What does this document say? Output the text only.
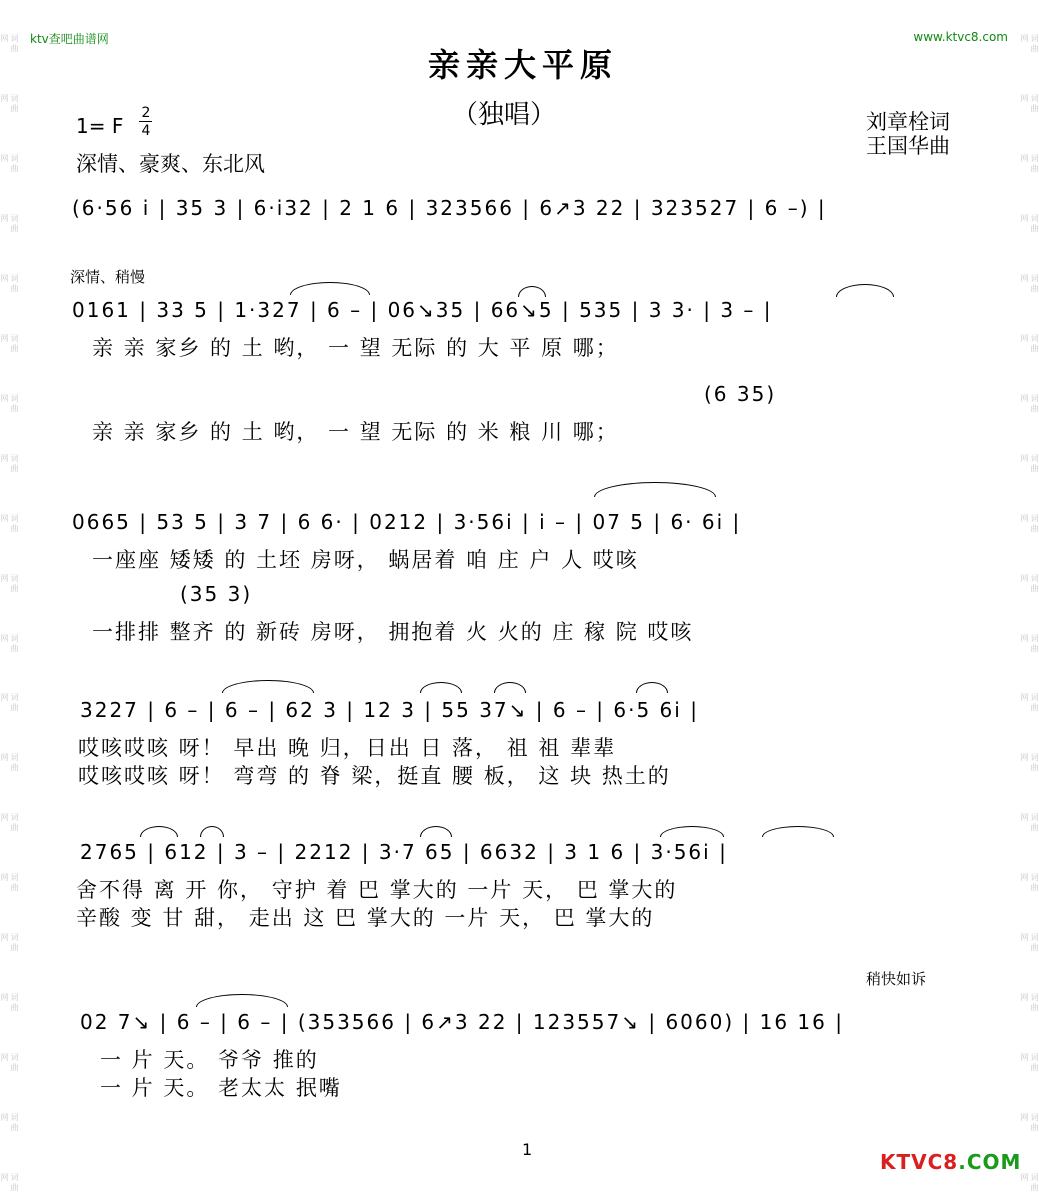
词曲网
词曲网
词曲网
词曲网
词曲网
词曲网
词曲网
词曲网
词曲网
词曲网
词曲网
词曲网
词曲网
词曲网
词曲网
词曲网
词曲网
词曲网
词曲网
词曲网
词曲网
词曲网
词曲网
词曲网
词曲网
词曲网
词曲网
词曲网
词曲网
词曲网
词曲网
词曲网
词曲网
词曲网
词曲网
词曲网
词曲网
词曲网
词曲网
词曲网
ktv查吧曲谱网	www.ktvc8.com
亲亲大平原
（独唱）
1= F
2
4
深情、豪爽、东北风
刘章栓词
王国华曲
(6·56 i | 35 3 | 6·i32 | 2 1 6 | 323566 | 6↗3 22 | 323527 | 6 –) |
深情、稍慢
0161 | 33 5 | 1·327 | 6 – | 06↘35 | 66↘5 | 535 | 3 3· | 3 – |
亲 亲 家乡 的 土 哟， 一 望 无际 的 大 平 原 哪；
(6 35)
亲 亲 家乡 的 土 哟， 一 望 无际 的 米 粮 川 哪；
0665 | 53 5 | 3 7 | 6 6· | 0212 | 3·56i | i – | 07 5 | 6· 6i |
一座座 矮矮 的 土坯 房呀， 蜗居着 咱 庄 户 人 哎咳
(35 3)
一排排 整齐 的 新砖 房呀， 拥抱着 火 火的 庄 稼 院 哎咳
3227 | 6 – | 6 – | 62 3 | 12 3 | 55 37↘ | 6 – | 6·5 6i |
哎咳哎咳 呀！ 早出 晚 归，日出 日 落， 祖 祖 辈辈
哎咳哎咳 呀！ 弯弯 的 脊 梁，挺直 腰 板， 这 块 热土的
2765 | 612 | 3 – | 2212 | 3·7 65 | 6632 | 3 1 6 | 3·56i |
舍不得 离 开 你， 守护 着 巴 掌大的 一片 天， 巴 掌大的
辛酸 变 甘 甜， 走出 这 巴 掌大的 一片 天， 巴 掌大的
稍快如诉
02 7↘ | 6 – | 6 – | (353566 | 6↗3 22 | 123557↘ | 6060) | 16 16 |
一 片 天。 爷爷 推的
一 片 天。 老太太 抿嘴
1
KTVC8.COM
